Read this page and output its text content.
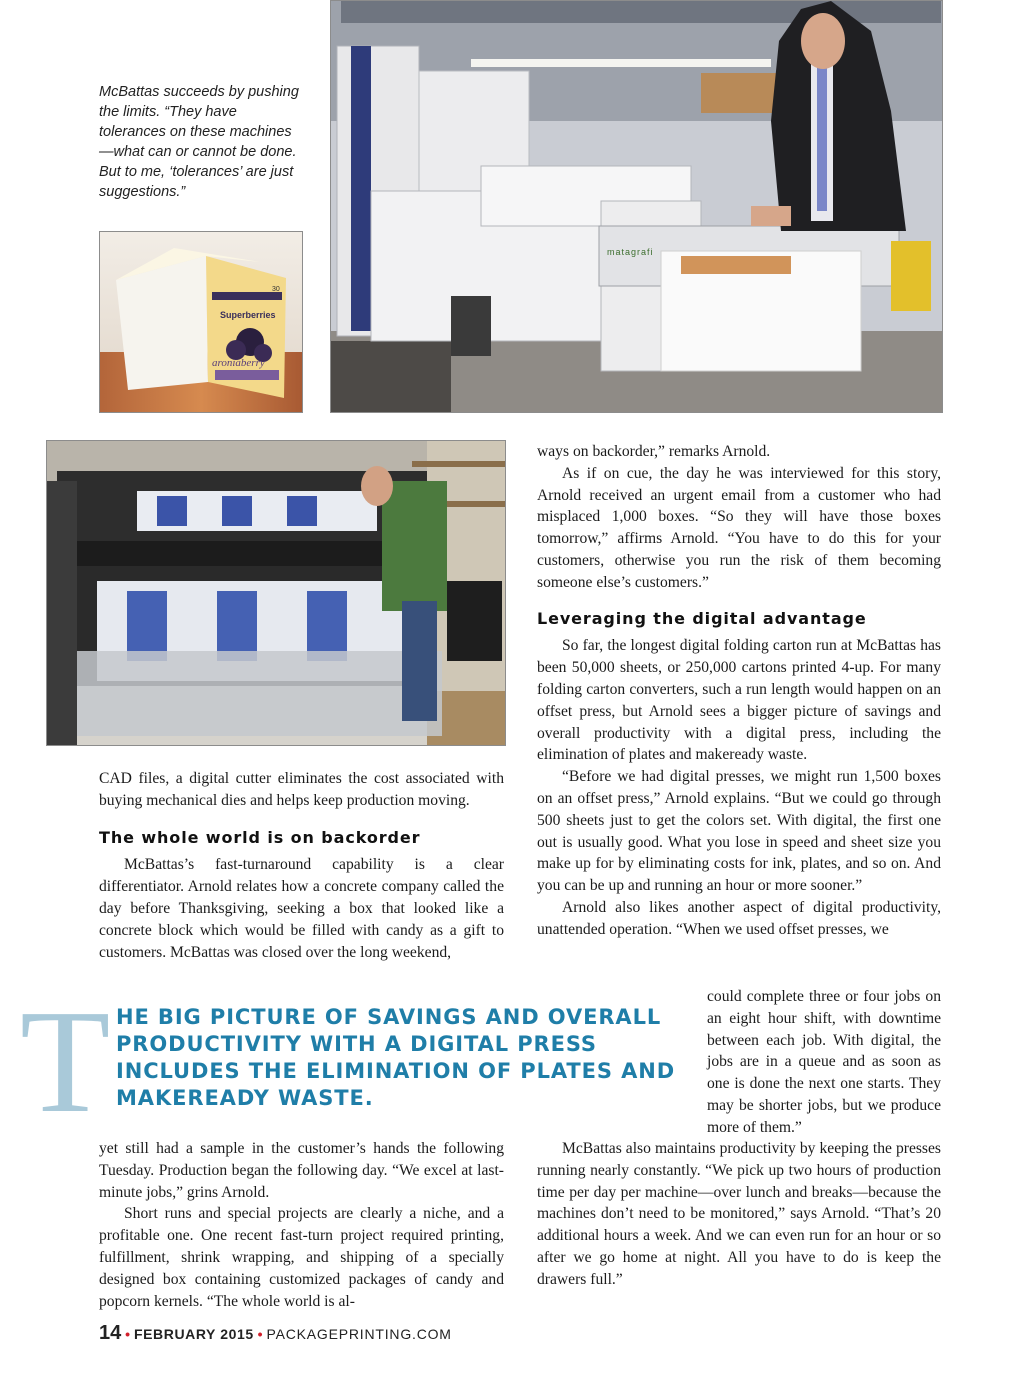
McBattas succeeds by pushing the limits. “They have tolerances on these machines—what can or cannot be done. But to me, ‘tolerances’ are just suggestions.”
Superberries
aroniaberry
30
matagrafi

CAD files, a digital cutter eliminates the cost associated with buying mechanical dies and helps keep production moving.

The whole world is on backorder

McBattas’s fast-turnaround capability is a clear differentiator. Arnold relates how a concrete company called the day before Thanksgiving, seeking a box that looked like a concrete block which would be filled with candy as a gift to customers. McBattas was closed over the long weekend,

ways on backorder,” remarks Arnold.

As if on cue, the day he was interviewed for this story, Arnold received an urgent email from a customer who had misplaced 1,000 boxes. “So they will have those boxes tomorrow,” affirms Arnold. “You have to do this for your customers, otherwise you run the risk of them becoming someone else’s customers.”

Leveraging the digital advantage

So far, the longest digital folding carton run at McBattas has been 50,000 sheets, or 250,000 cartons printed 4-up. For many folding carton converters, such a run length would happen on an offset press, but Arnold sees a bigger picture of savings and overall productivity with a digital press, including the elimination of plates and makeready waste.

“Before we had digital presses, we might run 1,500 boxes on an offset press,” Arnold explains. “But we could go through 500 sheets just to get the colors set. With digital, the first one out is usually good. What you lose in speed and sheet size you make up for by eliminating costs for ink, plates, and so on. And you can be up and running an hour or more sooner.”

Arnold also likes another aspect of digital productivity, unattended operation. “When we used offset presses, we

could complete three or four jobs on an eight hour shift, with downtime between each job. With digital, the jobs are in a queue and as soon as one is done the next one starts. They may be shorter jobs, but we produce more of them.”

T HE BIG PICTURE OF SAVINGS AND OVERALL PRODUCTIVITY WITH A DIGITAL PRESS INCLUDES THE ELIMINATION OF PLATES AND MAKEREADY WASTE.

yet still had a sample in the customer’s hands the following Tuesday. Production began the following day. “We excel at last-minute jobs,” grins Arnold.

Short runs and special projects are clearly a niche, and a profitable one. One recent fast-turn project required printing, fulfillment, shrink wrapping, and shipping of a specially designed box containing customized packages of candy and popcorn kernels. “The whole world is al-

McBattas also maintains productivity by keeping the presses running nearly constantly. “We pick up two hours of production time per day per machine—over lunch and breaks—because the machines don’t need to be monitored,” says Arnold. “That’s 20 additional hours a week. And we can even run for an hour or so after we go home at night. All you have to do is keep the drawers full.”

14 • FEBRUARY 2015 • PACKAGEPRINTING.COM
